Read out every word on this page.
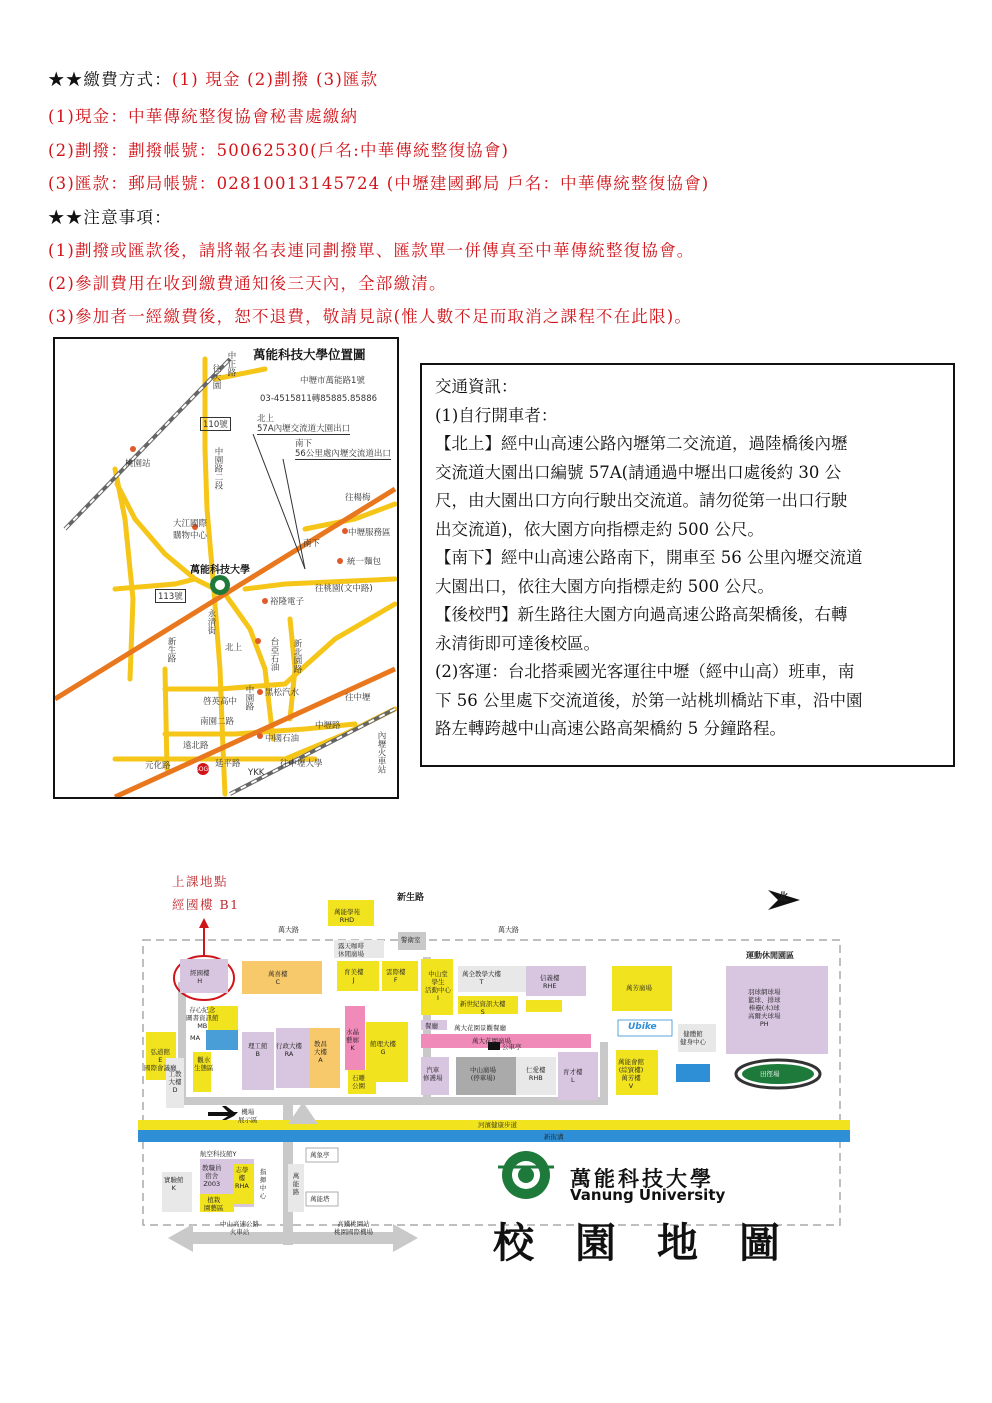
★★繳費方式：(1) 現金 (2)劃撥 (3)匯款
(1)現金：中華傳統整復協會秘書處繳納
(2)劃撥：劃撥帳號：50062530(戶名:中華傳統整復協會)
(3)匯款：郵局帳號：02810013145724 (中壢建國郵局 戶名：中華傳統整復協會)
★★注意事項：
(1)劃撥或匯款後，請將報名表連同劃撥單、匯款單一併傳真至中華傳統整復協會。
(2)參訓費用在收到繳費通知後三天內，全部繳清。
(3)參加者一經繳費後，恕不退費，敬請見諒(惟人數不足而取消之課程不在此限)。
萬能科技大學位置圖
中壢市萬能路1號
03-4515811轉85885.85886
北上
57A內壢交流道大園出口
南下
56公里處內壢交流道出口
中正路
往大園
110號
桃園站	中園路二段
大江國際購物中心
萬能科技大學
113號
永清街
新生路
中園路
新北園路
台亞石油
裕隆電子
統一麵包
中壢服務區
往楊梅
往桃園(文中路)
南下
北上
黑松汽水
啓英高中
南園二路
遠北路
中國石油
元化路	延平路
YKK
往中壢大學
往中壢
中壢路
內壢火車站
SOGO

交通資訊：

(1)自行開車者：

【北上】經中山高速公路內壢第二交流道，過陸橋後內壢

交流道大園出口編號 57A(請通過中壢出口處後約 30 公

尺，由大園出口方向行駛出交流道。請勿從第一出口行駛

出交流道)，依大園方向指標走約 500 公尺。

【南下】經中山高速公路南下，開車至 56 公里內壢交流道

大園出口，依往大園方向指標走約 500 公尺。

【後校門】新生路往大園方向過高速公路高架橋後，右轉

永清街即可達後校區。

(2)客運：台北搭乘國光客運往中壢（經中山高）班車，南

下 56 公里處下交流道後，於第一站桃圳橋站下車，沿中園

路左轉跨越中山高速公路高架橋約 5 分鐘路程。

上課地點
經國樓 B1	新生路
萬大路	萬大路
萬能學苑
RHD
露天咖啡
休閒廣場
北
經國樓
H
萬喜樓
C
育美樓
J
雲際樓
F
中山堂
學生
活動中心
I
萬全教學大樓
T	信義樓
RHE	萬芳廣場
運動休閒園區
羽球網球場
籃球、排球
棒壘(木)球
高爾夫球場
PH
存心紀念
圖書資訊館
MB
MA
弘道館
E
國際會議廳
理工館
B
行政大樓
RA
教昌
大樓
A
水晶
藝廊
K	館理大樓
G
新世紀資訊大樓
S
萬大花園景觀餐廳
萬大花園廣場
餐廳
公車亭
汽車
修護場
中山廣場
(停車場)
仁愛樓
RHB
育才樓
L
Ubike
健體館
健身中心
萬能會館
(綜貿樓)
萬芳樓
V
田徑場
石雕
公園
觀水
生態區
工教大樓 D
機場
展示區
河濱健康步道
新街溝
航空科技館Y
實驗館
K
教職員
宿舍
Z003
志學
樓
RHA
植栽
園藝區
指揮中心
萬能路
萬象亭
萬能塔
警衛室
中山高速公路
火車站
高鐵桃園站
桃園國際機場
萬能科技大學
Vanung University
校園地圖
